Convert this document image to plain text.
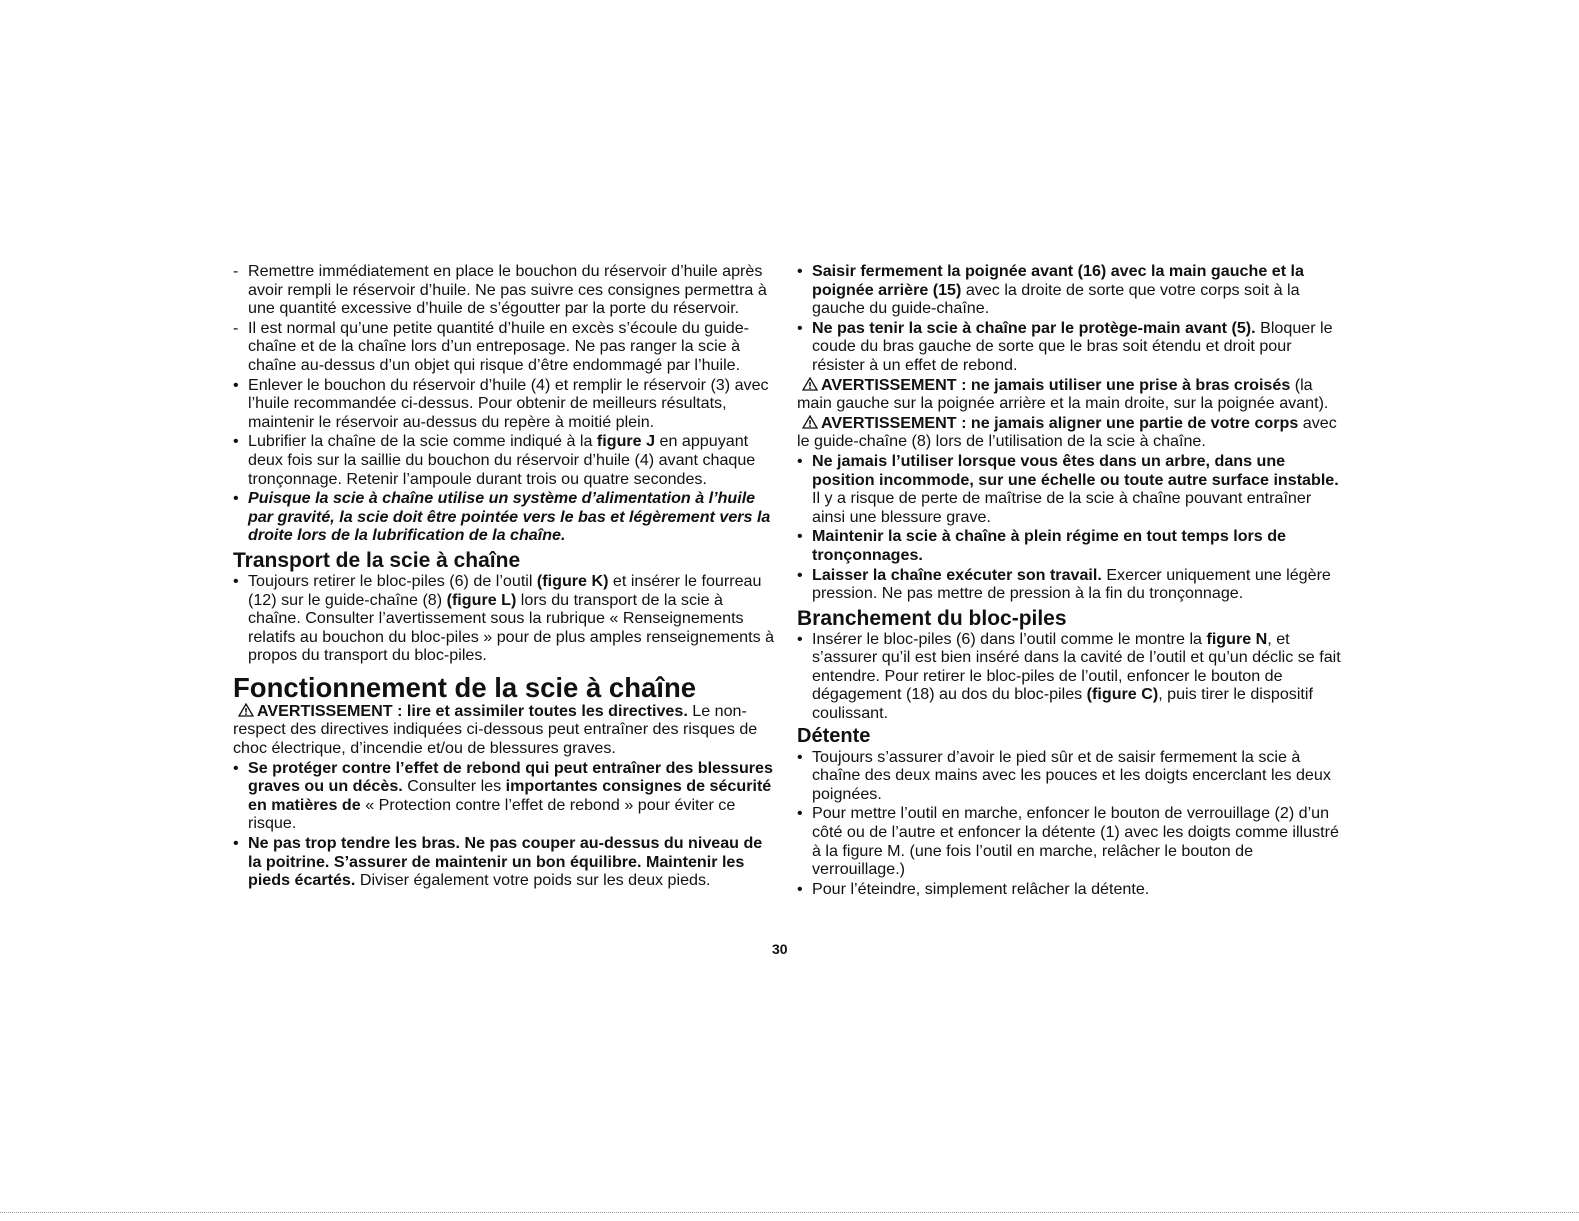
- Remettre immédiatement en place le bouchon du réservoir d’huile après avoir rempli le réservoir d’huile. Ne pas suivre ces consignes permettra à une quantité excessive d’huile de s’égoutter par la porte du réservoir.
- Il est normal qu’une petite quantité d’huile en excès s’écoule du guide-chaîne et de la chaîne lors d’un entreposage. Ne pas ranger la scie à chaîne au-dessus d’un objet qui risque d’être endommagé par l’huile.
• Enlever le bouchon du réservoir d’huile (4) et remplir le réservoir (3) avec l’huile recommandée ci-dessus. Pour obtenir de meilleurs résultats, maintenir le réservoir au-dessus du repère à moitié plein.
• Lubrifier la chaîne de la scie comme indiqué à la figure J en appuyant deux fois sur la saillie du bouchon du réservoir d’huile (4) avant chaque tronçonnage. Retenir l’ampoule durant trois ou quatre secondes.
• Puisque la scie à chaîne utilise un système d’alimentation à l’huile par gravité, la scie doit être pointée vers le bas et légèrement vers la droite lors de la lubrification de la chaîne.
Transport de la scie à chaîne
• Toujours retirer le bloc-piles (6) de l’outil (figure K) et insérer le fourreau (12) sur le guide-chaîne (8) (figure L) lors du transport de la scie à chaîne. Consulter l’avertissement sous la rubrique « Renseignements relatifs au bouchon du bloc-piles » pour de plus amples renseignements à propos du transport du bloc-piles.
Fonctionnement de la scie à chaîne
AVERTISSEMENT : lire et assimiler toutes les directives. Le non-respect des directives indiquées ci-dessous peut entraîner des risques de choc électrique, d’incendie et/ou de blessures graves.
• Se protéger contre l’effet de rebond qui peut entraîner des blessures graves ou un décès. Consulter les importantes consignes de sécurité en matières de « Protection contre l’effet de rebond » pour éviter ce risque.
• Ne pas trop tendre les bras. Ne pas couper au-dessus du niveau de la poitrine. S’assurer de maintenir un bon équilibre. Maintenir les pieds écartés. Diviser également votre poids sur les deux pieds.
• Saisir fermement la poignée avant (16) avec la main gauche et la poignée arrière (15) avec la droite de sorte que votre corps soit à la gauche du guide-chaîne.
• Ne pas tenir la scie à chaîne par le protège-main avant (5). Bloquer le coude du bras gauche de sorte que le bras soit étendu et droit pour résister à un effet de rebond.
AVERTISSEMENT : ne jamais utiliser une prise à bras croisés (la main gauche sur la poignée arrière et la main droite, sur la poignée avant).
AVERTISSEMENT : ne jamais aligner une partie de votre corps avec le guide-chaîne (8) lors de l’utilisation de la scie à chaîne.
• Ne jamais l’utiliser lorsque vous êtes dans un arbre, dans une position incommode, sur une échelle ou toute autre surface instable. Il y a risque de perte de maîtrise de la scie à chaîne pouvant entraîner ainsi une blessure grave.
• Maintenir la scie à chaîne à plein régime en tout temps lors de tronçonnages.
• Laisser la chaîne exécuter son travail. Exercer uniquement une légère pression. Ne pas mettre de pression à la fin du tronçonnage.
Branchement du bloc-piles
• Insérer le bloc-piles (6) dans l’outil comme le montre la figure N, et s’assurer qu’il est bien inséré dans la cavité de l’outil et qu’un déclic se fait entendre. Pour retirer le bloc-piles de l’outil, enfoncer le bouton de dégagement (18) au dos du bloc-piles (figure C), puis tirer le dispositif coulissant.
Détente
• Toujours s’assurer d’avoir le pied sûr et de saisir fermement la scie à chaîne des deux mains avec les pouces et les doigts encerclant les deux poignées.
• Pour mettre l’outil en marche, enfoncer le bouton de verrouillage (2) d’un côté ou de l’autre et enfoncer la détente (1) avec les doigts comme illustré à la figure M. (une fois l’outil en marche, relâcher le bouton de verrouillage.)
• Pour l’éteindre, simplement relâcher la détente.
30
